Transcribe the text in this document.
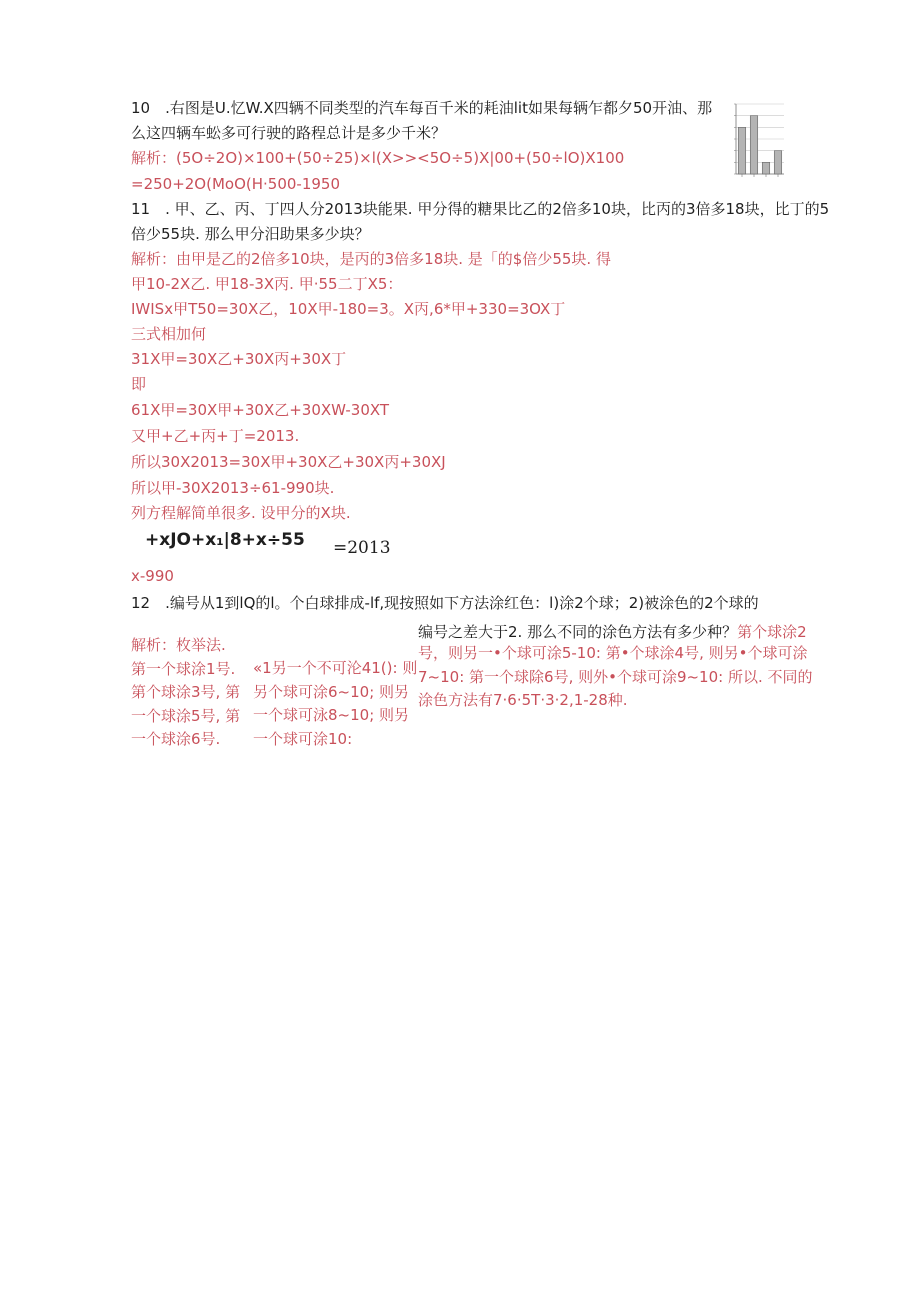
10　.右图是U.忆W.X四辆不同类型的汽车每百千米的耗油lit如果每辆乍都夕50开油、那
么这四辆车蚣多可行驶的路程总计是多少千米？
解析：(5O÷2O)×100+(50÷25)×l(X>><5O÷5)X|00+(50÷lO)X100
=250+2O(MoO(H·500-1950
11　. 甲、乙、丙、丁四人分2013块能果. 甲分得的糖果比乙的2倍多10块，比丙的3倍多18块，比丁的5
倍少55块. 那么甲分汨助果多少块？
解析：由甲是乙的2倍多10块，是丙的3倍多18块. 是「的$倍少55块. 得
甲10-2X乙. 甲18-3X丙. 甲·55二丁X5：
IWISx甲T50=30X乙，10X甲-180=3。X丙,6*甲+330=3OX丁
三式相加何
31X甲=30X乙+30X丙+30X丁
即
61X甲=30X甲+30X乙+30XW-30XT
又甲+乙+丙+丁=2013.
所以30X2013=30X甲+30X乙+30X丙+30XJ
所以甲-30X2013÷61-990块.
列方程解简单很多. 设甲分的X块.
+xJO+x₁|8+x÷55 =2013
x-990
12　.编号从1到lQ的l。个白球排成-lf,现按照如下方法涂红色：l)涂2个球；2)被涂色的2个球的
编号之差大于2. 那么不同的涂色方法有多少种？第个球涂2
解析：枚举法.
第一个球涂1号.
第个球涂3号, 第
一个球涂5号, 第
一个球涂6号.
«1另一个不可沦41(): 则
另个球可涂6~10; 则另
一个球可泳8~10; 则另
一个球可涂10:
号，则另一•个球可涂5-10: 第•个球涂4号, 则另•个球可涂
7~10: 第一个球除6号, 则外•个球可涂9~10: 所以. 不同的
涂色方法有7·6·5T·3·2,1-28种.
